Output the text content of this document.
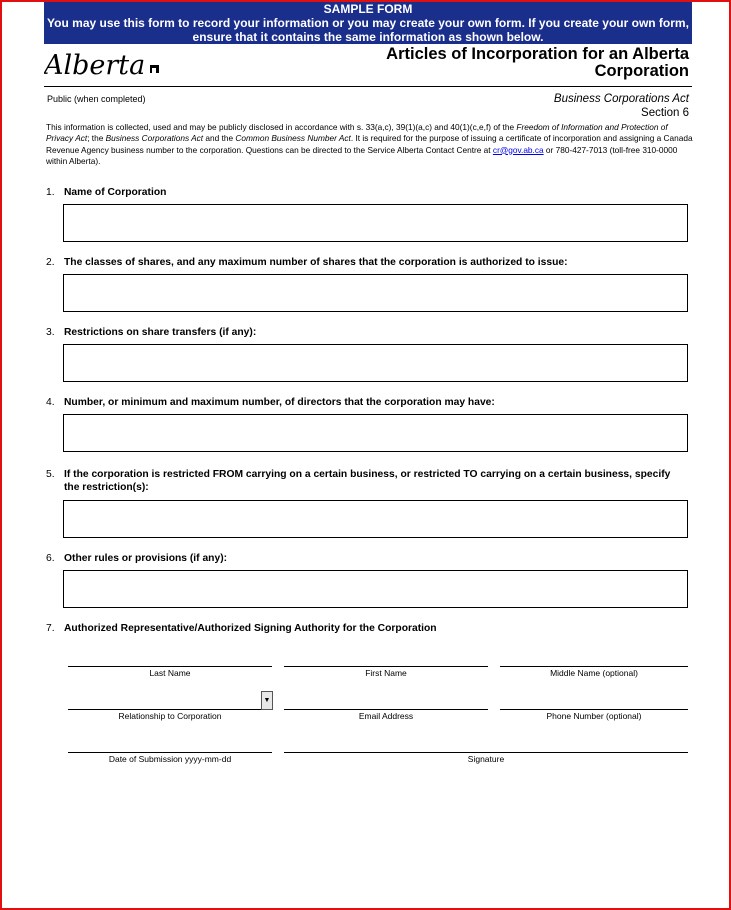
SAMPLE FORM
You may use this form to record your information or you may create your own form. If you create your own form,
ensure that it contains the same information as shown below.
Alberta	Articles of Incorporation for an Alberta
Corporation
Public (when completed)	Business Corporations Act
Section 6
This information is collected, used and may be publicly disclosed in accordance with s. 33(a,c), 39(1)(a,c) and 40(1)(c,e,f) of the Freedom of Information and Protection of Privacy Act; the Business Corporations Act and the Common Business Number Act. It is required for the purpose of issuing a certificate of incorporation and assigning a Canada Revenue Agency business number to the corporation. Questions can be directed to the Service Alberta Contact Centre at cr@gov.ab.ca or 780-427-7013 (toll-free 310-0000 within Alberta).
1. Name of Corporation
2. The classes of shares, and any maximum number of shares that the corporation is authorized to issue:
3. Restrictions on share transfers (if any):
4. Number, or minimum and maximum number, of directors that the corporation may have:
5. If the corporation is restricted FROM carrying on a certain business, or restricted TO carrying on a certain business, specify the restriction(s):
6. Other rules or provisions (if any):
7. Authorized Representative/Authorized Signing Authority for the Corporation
Last Name	First Name	Middle Name (optional)
▼
Relationship to Corporation	Email Address	Phone Number (optional)
Date of Submission yyyy-mm-dd	Signature
